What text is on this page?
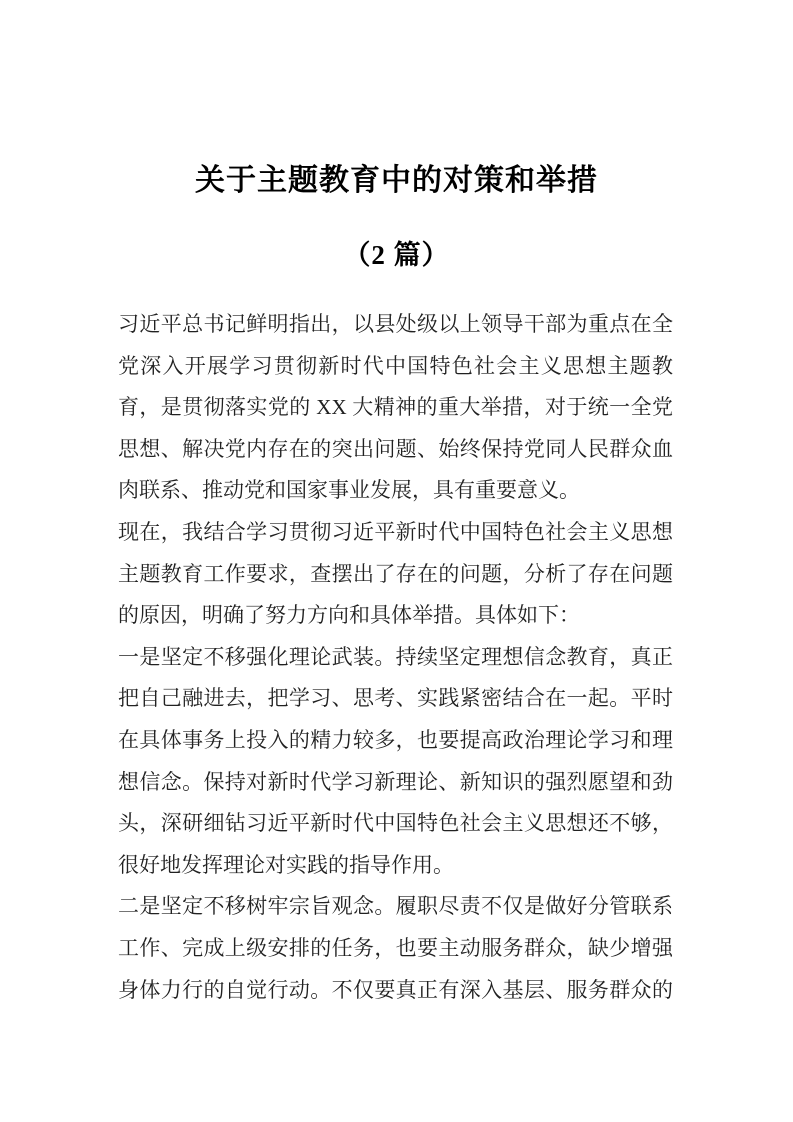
关于主题教育中的对策和举措
（2 篇）
习近平总书记鲜明指出，以县处级以上领导干部为重点在全
党深入开展学习贯彻新时代中国特色社会主义思想主题教
育，是贯彻落实党的 XX 大精神的重大举措，对于统一全党
思想、解决党内存在的突出问题、始终保持党同人民群众血
肉联系、推动党和国家事业发展，具有重要意义。
现在，我结合学习贯彻习近平新时代中国特色社会主义思想
主题教育工作要求，查摆出了存在的问题，分析了存在问题
的原因，明确了努力方向和具体举措。具体如下：
一是坚定不移强化理论武装。持续坚定理想信念教育，真正
把自己融进去，把学习、思考、实践紧密结合在一起。平时
在具体事务上投入的精力较多，也要提高政治理论学习和理
想信念。保持对新时代学习新理论、新知识的强烈愿望和劲
头，深研细钻习近平新时代中国特色社会主义思想还不够，
很好地发挥理论对实践的指导作用。
二是坚定不移树牢宗旨观念。履职尽责不仅是做好分管联系
工作、完成上级安排的任务，也要主动服务群众，缺少增强
身体力行的自觉行动。不仅要真正有深入基层、服务群众的
